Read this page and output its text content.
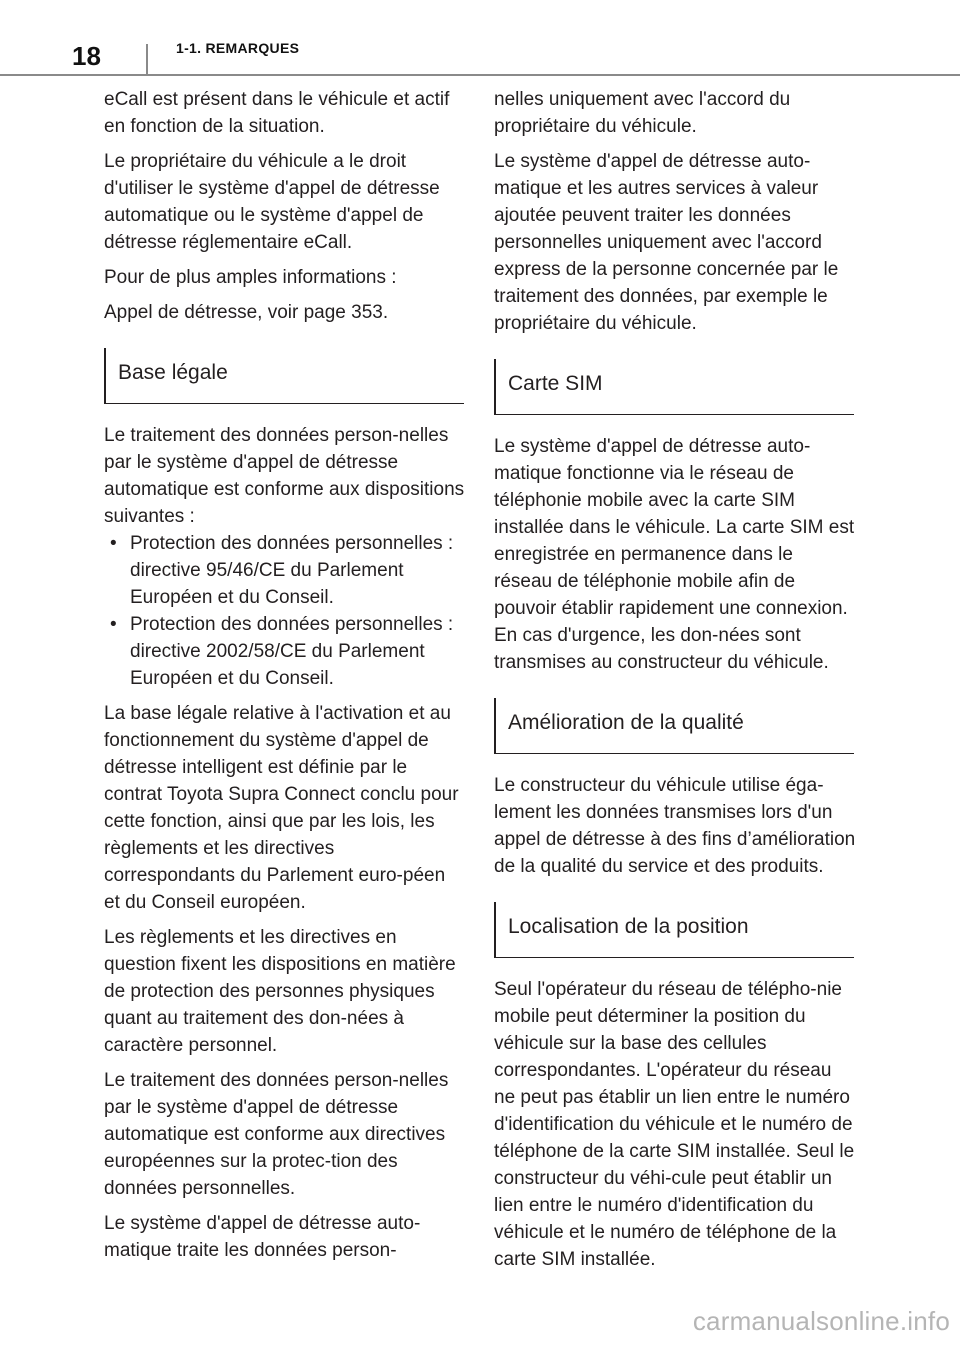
18	1-1. REMARQUES

eCall est présent dans le véhicule et actif en fonction de la situation.

Le propriétaire du véhicule a le droit d'utiliser le système d'appel de détresse automatique ou le système d'appel de détresse réglementaire eCall.

Pour de plus amples informations :

Appel de détresse, voir page 353.

Base légale

Le traitement des données person-nelles par le système d'appel de détresse automatique est conforme aux dispositions suivantes :

• Protection des données personnelles : directive 95/46/CE du Parlement Européen et du Conseil.
• Protection des données personnelles : directive 2002/58/CE du Parlement Européen et du Conseil.

La base légale relative à l'activation et au fonctionnement du système d'appel de détresse intelligent est définie par le contrat Toyota Supra Connect conclu pour cette fonction, ainsi que par les lois, les règlements et les directives correspondants du Parlement euro-péen et du Conseil européen.

Les règlements et les directives en question fixent les dispositions en matière de protection des personnes physiques quant au traitement des don-nées à caractère personnel.

Le traitement des données person-nelles par le système d'appel de détresse automatique est conforme aux directives européennes sur la protec-tion des données personnelles.

Le système d'appel de détresse auto-matique traite les données person-

nelles uniquement avec l'accord du propriétaire du véhicule.

Le système d'appel de détresse auto-matique et les autres services à valeur ajoutée peuvent traiter les données personnelles uniquement avec l'accord express de la personne concernée par le traitement des données, par exemple le propriétaire du véhicule.

Carte SIM

Le système d'appel de détresse auto-matique fonctionne via le réseau de téléphonie mobile avec la carte SIM installée dans le véhicule. La carte SIM est enregistrée en permanence dans le réseau de téléphonie mobile afin de pouvoir établir rapidement une connexion. En cas d'urgence, les don-nées sont transmises au constructeur du véhicule.

Amélioration de la qualité

Le constructeur du véhicule utilise éga-lement les données transmises lors d'un appel de détresse à des fins d’amélioration de la qualité du service et des produits.

Localisation de la position

Seul l'opérateur du réseau de télépho-nie mobile peut déterminer la position du véhicule sur la base des cellules correspondantes. L'opérateur du réseau ne peut pas établir un lien entre le numéro d'identification du véhicule et le numéro de téléphone de la carte SIM installée. Seul le constructeur du véhi-cule peut établir un lien entre le numéro d'identification du véhicule et le numéro de téléphone de la carte SIM installée.

carmanualsonline.info
